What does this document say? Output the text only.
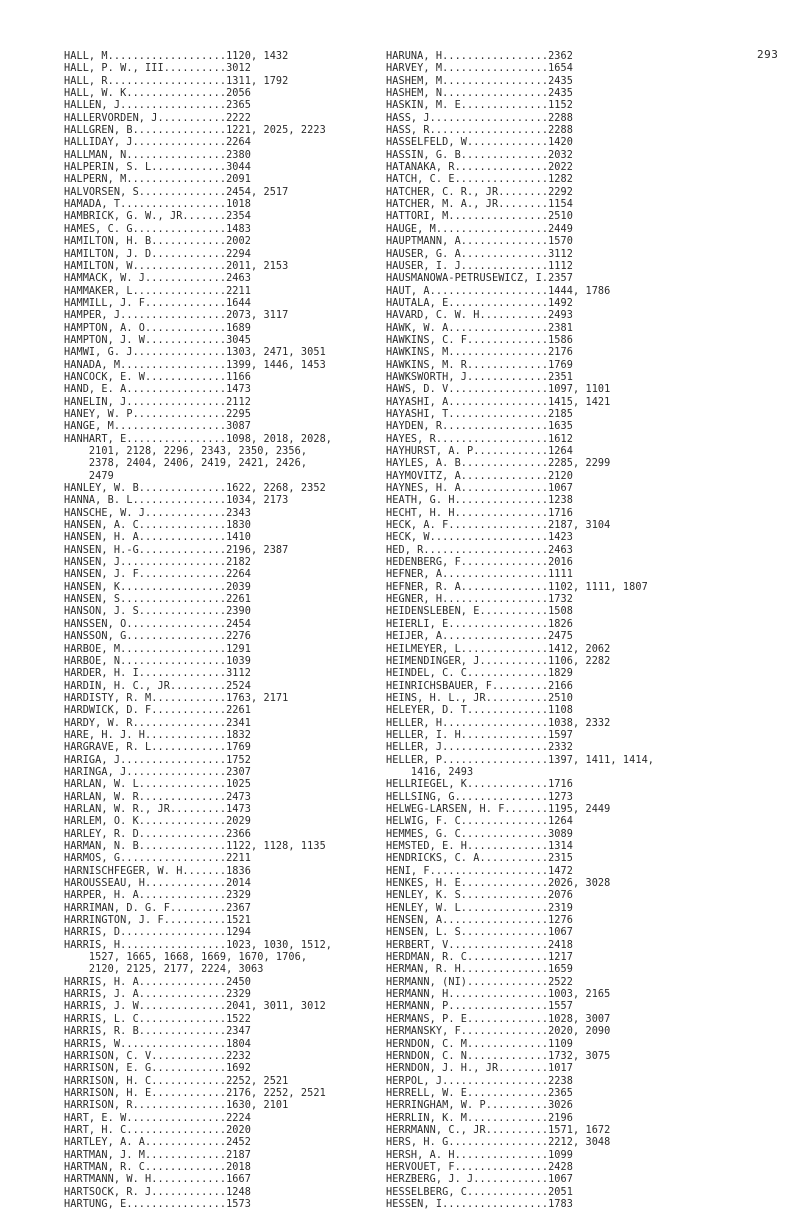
293
HALL, M...................1120, 1432
HALL, P. W., III..........3012
HALL, R...................1311, 1792
HALL, W. K................2056
HALLEN, J.................2365
HALLERVORDEN, J...........2222
HALLGREN, B...............1221, 2025, 2223
HALLIDAY, J...............2264
HALLMAN, N................2380
HALPERIN, S. L............3044
HALPERN, M................2091
HALVORSEN, S..............2454, 2517
HAMADA, T.................1018
HAMBRICK, G. W., JR.......2354
HAMES, C. G...............1483
HAMILTON, H. B............2002
HAMILTON, J. D............2294
HAMILTON, W...............2011, 2153
HAMMACK, W. J.............2463
HAMMAKER, L...............2211
HAMMILL, J. F.............1644
HAMPER, J.................2073, 3117
HAMPTON, A. O.............1689
HAMPTON, J. W.............3045
HAMWI, G. J...............1303, 2471, 3051
HANADA, M.................1399, 1446, 1453
HANCOCK, E. W.............1166
HAND, E. A................1473
HANELIN, J................2112
HANEY, W. P...............2295
HANGE, M..................3087
HANHART, E................1098, 2018, 2028,
2101, 2128, 2296, 2343, 2350, 2356,
2378, 2404, 2406, 2419, 2421, 2426,
2479
HANLEY, W. B..............1622, 2268, 2352
HANNA, B. L...............1034, 2173
HANSCHE, W. J.............2343
HANSEN, A. C..............1830
HANSEN, H. A..............1410
HANSEN, H.-G..............2196, 2387
HANSEN, J.................2182
HANSEN, J. F..............2264
HANSEN, K.................2039
HANSEN, S.................2261
HANSON, J. S..............2390
HANSSEN, O................2454
HANSSON, G................2276
HARBOE, M.................1291
HARBOE, N.................1039
HARDER, H. I..............3112
HARDIN, H. C., JR.........2524
HARDISTY, R. M............1763, 2171
HARDWICK, D. F............2261
HARDY, W. R...............2341
HARE, H. J. H.............1832
HARGRAVE, R. L............1769
HARIGA, J.................1752
HARINGA, J................2307
HARLAN, W. L..............1025
HARLAN, W. R..............2473
HARLAN, W. R., JR.........1473
HARLEM, O. K..............2029
HARLEY, R. D..............2366
HARMAN, N. B..............1122, 1128, 1135
HARMOS, G.................2211
HARNISCHFEGER, W. H.......1836
HAROUSSEAU, H.............2014
HARPER, H. A..............2329
HARRIMAN, D. G. F.........2367
HARRINGTON, J. F..........1521
HARRIS, D.................1294
HARRIS, H.................1023, 1030, 1512,
1527, 1665, 1668, 1669, 1670, 1706,
2120, 2125, 2177, 2224, 3063
HARRIS, H. A..............2450
HARRIS, J. A..............2329
HARRIS, J. W..............2041, 3011, 3012
HARRIS, L. C..............1522
HARRIS, R. B..............2347
HARRIS, W.................1804
HARRISON, C. V............2232
HARRISON, E. G............1692
HARRISON, H. C............2252, 2521
HARRISON, H. E............2176, 2252, 2521
HARRISON, R...............1630, 2101
HART, E. W................2224
HART, H. C................2020
HARTLEY, A. A.............2452
HARTMAN, J. M.............2187
HARTMAN, R. C.............2018
HARTMANN, W. H............1667
HARTSOCK, R. J............1248
HARTUNG, E................1573
HARUNA, H.................2362
HARVEY, M.................1654
HASHEM, M.................2435
HASHEM, N.................2435
HASKIN, M. E..............1152
HASS, J...................2288
HASS, R...................2288
HASSELFELD, W.............1420
HASSIN, G. B..............2032
HATANAKA, R...............2022
HATCH, C. E...............1282
HATCHER, C. R., JR........2292
HATCHER, M. A., JR........1154
HATTORI, M................2510
HAUGE, M..................2449
HAUPTMANN, A..............1570
HAUSER, G. A..............3112
HAUSER, I. J..............1112
HAUSMANOWA-PETRUSEWICZ, I.2357
HAUT, A...................1444, 1786
HAUTALA, E................1492
HAVARD, C. W. H...........2493
HAWK, W. A................2381
HAWKINS, C. F.............1586
HAWKINS, M................2176
HAWKINS, M. R.............1769
HAWKSWORTH, J.............2351
HAWS, D. V................1097, 1101
HAYASHI, A................1415, 1421
HAYASHI, T................2185
HAYDEN, R.................1635
HAYES, R..................1612
HAYHURST, A. P............1264
HAYLES, A. B..............2285, 2299
HAYMOVITZ, A..............2120
HAYNES, H. A..............1067
HEATH, G. H...............1238
HECHT, H. H...............1716
HECK, A. F................2187, 3104
HECK, W...................1423
HED, R....................2463
HEDENBERG, F..............2016
HEFNER, A.................1111
HEFNER, R. A..............1102, 1111, 1807
HEGNER, H.................1732
HEIDENSLEBEN, E...........1508
HEIERLI, E................1826
HEIJER, A.................2475
HEILMEYER, L..............1412, 2062
HEIMENDINGER, J...........1106, 2282
HEINDEL, C. C.............1829
HEINRICHSBAUER, F.........2166
HEINS, H. L., JR..........2510
HELEYER, D. T.............1108
HELLER, H.................1038, 2332
HELLER, I. H..............1597
HELLER, J.................2332
HELLER, P.................1397, 1411, 1414,
1416, 2493
HELLRIEGEL, K.............1716
HELLSING, G...............1273
HELWEG-LARSEN, H. F.......1195, 2449
HELWIG, F. C..............1264
HEMMES, G. C..............3089
HEMSTED, E. H.............1314
HENDRICKS, C. A...........2315
HENI, F...................1472
HENKES, H. E..............2026, 3028
HENLEY, K. S..............2076
HENLEY, W. L..............2319
HENSEN, A.................1276
HENSEN, L. S..............1067
HERBERT, V................2418
HERDMAN, R. C.............1217
HERMAN, R. H..............1659
HERMANN, (NI).............2522
HERMANN, H................1003, 2165
HERMANN, P................1557
HERMANS, P. E.............1028, 3007
HERMANSKY, F..............2020, 2090
HERNDON, C. M.............1109
HERNDON, C. N.............1732, 3075
HERNDON, J. H., JR........1017
HERPOL, J.................2238
HERRELL, W. E.............2365
HERRINGHAM, W. P..........3026
HERRLIN, K. M.............2196
HERRMANN, C., JR..........1571, 1672
HERS, H. G................2212, 3048
HERSH, A. H...............1099
HERVOUET, F...............2428
HERZBERG, J. J............1067
HESSELBERG, C.............2051
HESSEN, I.................1783
